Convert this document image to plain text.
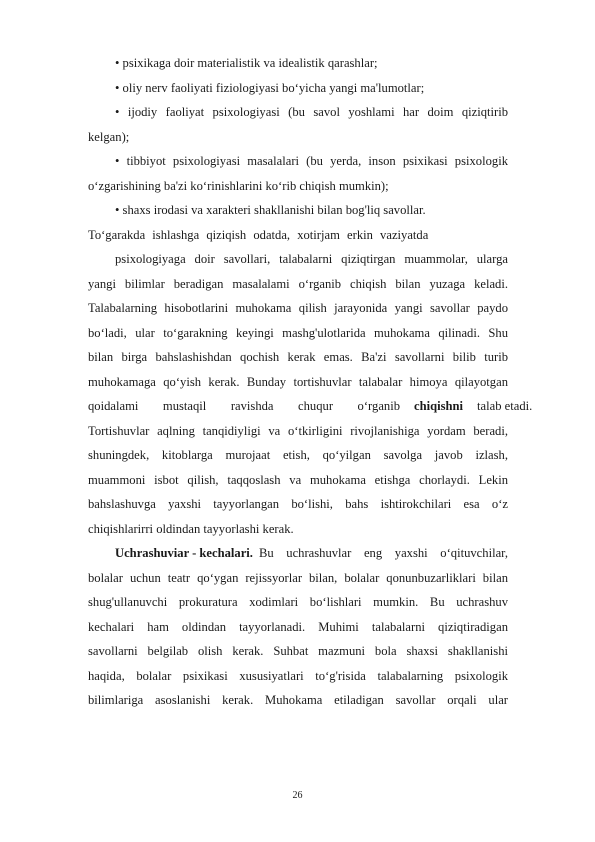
• psixikaga doir materialistik va idealistik qarashlar;
• oliy nerv faoliyati fiziologiyasi bo‘yicha yangi ma'lumotlar;
• ijodiy faoliyat psixologiyasi (bu savol yoshlami har doim qiziqtirib
kelgan);
• tibbiyot psixologiyasi masalalari (bu yerda, inson psixikasi psixologik
o‘zgarishining ba'zi ko‘rinishlarini ko‘rib chiqish mumkin);
• shaxs irodasi va xarakteri shakllanishi bilan bog'liq savollar.
To‘garakda ishlashga qiziqish odatda, xotirjam erkin vaziyatda
psixologiyaga doir savollari, talabalarni qiziqtirgan muammolar, ularga
yangi bilimlar beradigan masalalami o‘rganib chiqish bilan yuzaga keladi.
Talabalarning hisobotlarini muhokama qilish jarayonida yangi savollar paydo
bo‘ladi, ular to‘garakning keyingi mashg'ulotlarida muhokama qilinadi. Shu
bilan birga bahslashishdan qochish kerak emas. Ba'zi savollarni bilib turib
muhokamaga qo‘yish kerak. Bunday tortishuvlar talabalar himoya qilayotgan
qoidalami mustaqil ravishda chuqur o‘rganib chiqishni talab etadi.
Tortishuvlar aqlning tanqidiyligi va o‘tkirligini rivojlanishiga yordam beradi,
shuningdek, kitoblarga murojaat etish, qo‘yilgan savolga javob izlash,
muammoni isbot qilish, taqqoslash va muhokama etishga chorlaydi. Lekin
bahslashuvga yaxshi tayyorlangan bo‘lishi, bahs ishtirokchilari esa o‘z
chiqishlarirri oldindan tayyorlashi kerak.
Uchrashuviar - kechalari. Bu uchrashuvlar eng yaxshi o‘qituvchilar,
bolalar uchun teatr qo‘ygan rejissyorlar bilan, bolalar qonunbuzarliklari bilan
shug'ullanuvchi prokuratura xodimlari bo‘lishlari mumkin. Bu uchrashuv
kechalari ham oldindan tayyorlanadi. Muhimi talabalarni qiziqtiradigan
savollarni belgilab olish kerak. Suhbat mazmuni bola shaxsi shakllanishi
haqida, bolalar psixikasi xususiyatlari to‘g'risida talabalarning psixologik
bilimlariga asoslanishi kerak. Muhokama etiladigan savollar orqali ular
26
